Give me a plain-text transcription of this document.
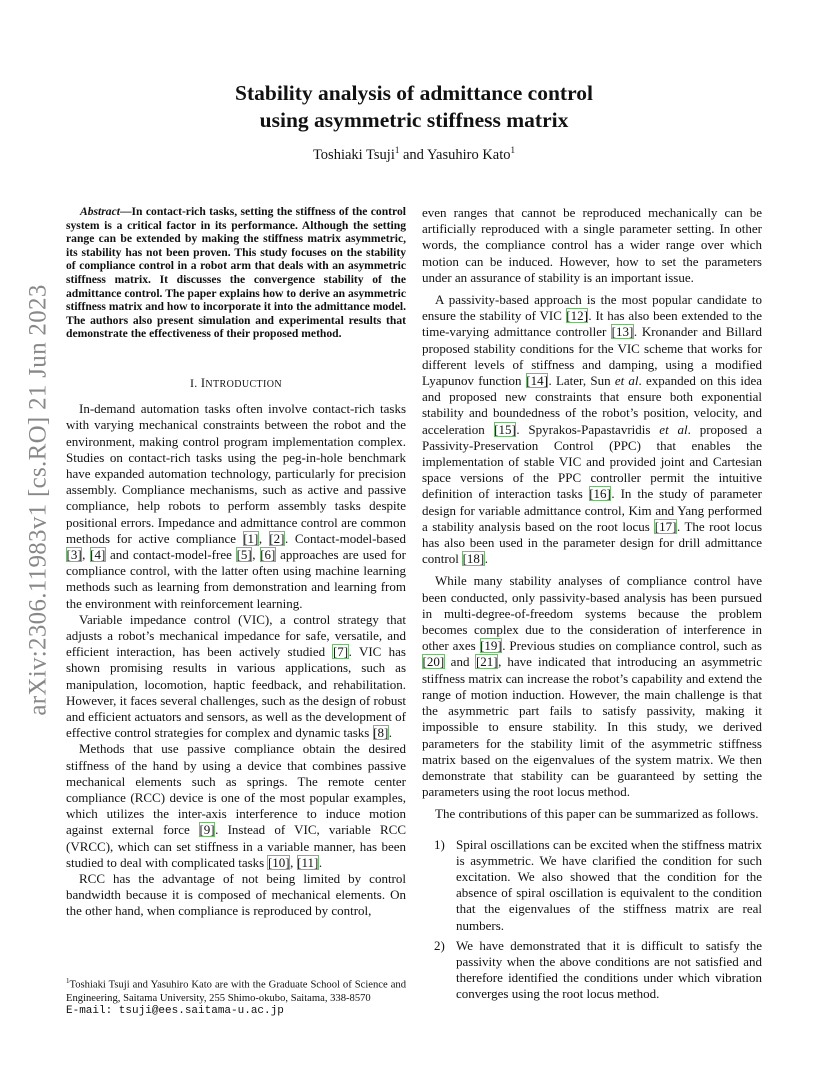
arXiv:2306.11983v1 [cs.RO] 21 Jun 2023
Stability analysis of admittance control
using asymmetric stiffness matrix
Toshiaki Tsuji$^1$ and Yasuhiro Kato$^1$

Abstract—In contact-rich tasks, setting the stiffness of the control system is a critical factor in its performance. Although the setting range can be extended by making the stiffness matrix asymmetric, its stability has not been proven. This study focuses on the stability of compliance control in a robot arm that deals with an asymmetric stiffness matrix. It discusses the convergence stability of the admittance control. The paper explains how to derive an asymmetric stiffness matrix and how to incorporate it into the admittance model. The authors also present simulation and experimental results that demonstrate the effectiveness of their proposed method.

I. INTRODUCTION

In-demand automation tasks often involve contact-rich tasks with varying mechanical constraints between the robot and the environment, making control program implementation complex. Studies on contact-rich tasks using the peg-in-hole benchmark have expanded automation technology, particularly for precision assembly. Compliance mechanisms, such as active and passive compliance, help robots to perform assembly tasks despite positional errors. Impedance and admittance control are common methods for active compliance [1], [2]. Contact-model-based [3], [4] and contact-model-free [5], [6] approaches are used for compliance control, with the latter often using machine learning methods such as learning from demonstration and learning from the environment with reinforcement learning.

Variable impedance control (VIC), a control strategy that adjusts a robot’s mechanical impedance for safe, versatile, and efficient interaction, has been actively studied [7]. VIC has shown promising results in various applications, such as manipulation, locomotion, haptic feedback, and rehabilitation. However, it faces several challenges, such as the design of robust and efficient actuators and sensors, as well as the development of effective control strategies for complex and dynamic tasks [8].

Methods that use passive compliance obtain the desired stiffness of the hand by using a device that combines passive mechanical elements such as springs. The remote center compliance (RCC) device is one of the most popular examples, which utilizes the inter-axis interference to induce motion against external force [9]. Instead of VIC, variable RCC (VRCC), which can set stiffness in a variable manner, has been studied to deal with complicated tasks [10], [11].

RCC has the advantage of not being limited by control bandwidth because it is composed of mechanical elements. On the other hand, when compliance is reproduced by control,

$^1$Toshiaki Tsuji and Yasuhiro Kato are with the Graduate School of Science and Engineering, Saitama University, 255 Shimo-okubo, Saitama, 338-8570
E-mail: tsuji@ees.saitama-u.ac.jp

even ranges that cannot be reproduced mechanically can be artificially reproduced with a single parameter setting. In other words, the compliance control has a wider range over which motion can be induced. However, how to set the parameters under an assurance of stability is an important issue.

A passivity-based approach is the most popular candidate to ensure the stability of VIC [12]. It has also been extended to the time-varying admittance controller [13]. Kronander and Billard proposed stability conditions for the VIC scheme that works for different levels of stiffness and damping, using a modified Lyapunov function [14]. Later, Sun et al. expanded on this idea and proposed new constraints that ensure both exponential stability and boundedness of the robot’s position, velocity, and acceleration [15]. Spyrakos-Papastavridis et al. proposed a Passivity-Preservation Control (PPC) that enables the implementation of stable VIC and provided joint and Cartesian space versions of the PPC controller permit the intuitive definition of interaction tasks [16]. In the study of parameter design for variable admittance control, Kim and Yang performed a stability analysis based on the root locus [17]. The root locus has also been used in the parameter design for drill admittance control [18].

While many stability analyses of compliance control have been conducted, only passivity-based analysis has been pursued in multi-degree-of-freedom systems because the problem becomes complex due to the consideration of interference in other axes [19]. Previous studies on compliance control, such as [20] and [21], have indicated that introducing an asymmetric stiffness matrix can increase the robot’s capability and extend the range of motion induction. However, the main challenge is that the asymmetric part fails to satisfy passivity, making it impossible to ensure stability. In this study, we derived parameters for the stability limit of the asymmetric stiffness matrix based on the eigenvalues of the system matrix. We then demonstrate that stability can be guaranteed by setting the parameters using the root locus method.

The contributions of this paper can be summarized as follows.

1) Spiral oscillations can be excited when the stiffness matrix is asymmetric. We have clarified the condition for such excitation. We also showed that the condition for the absence of spiral oscillation is equivalent to the condition that the eigenvalues of the stiffness matrix are real numbers.
2) We have demonstrated that it is difficult to satisfy the passivity when the above conditions are not satisfied and therefore identified the conditions under which vibration converges using the root locus method.
